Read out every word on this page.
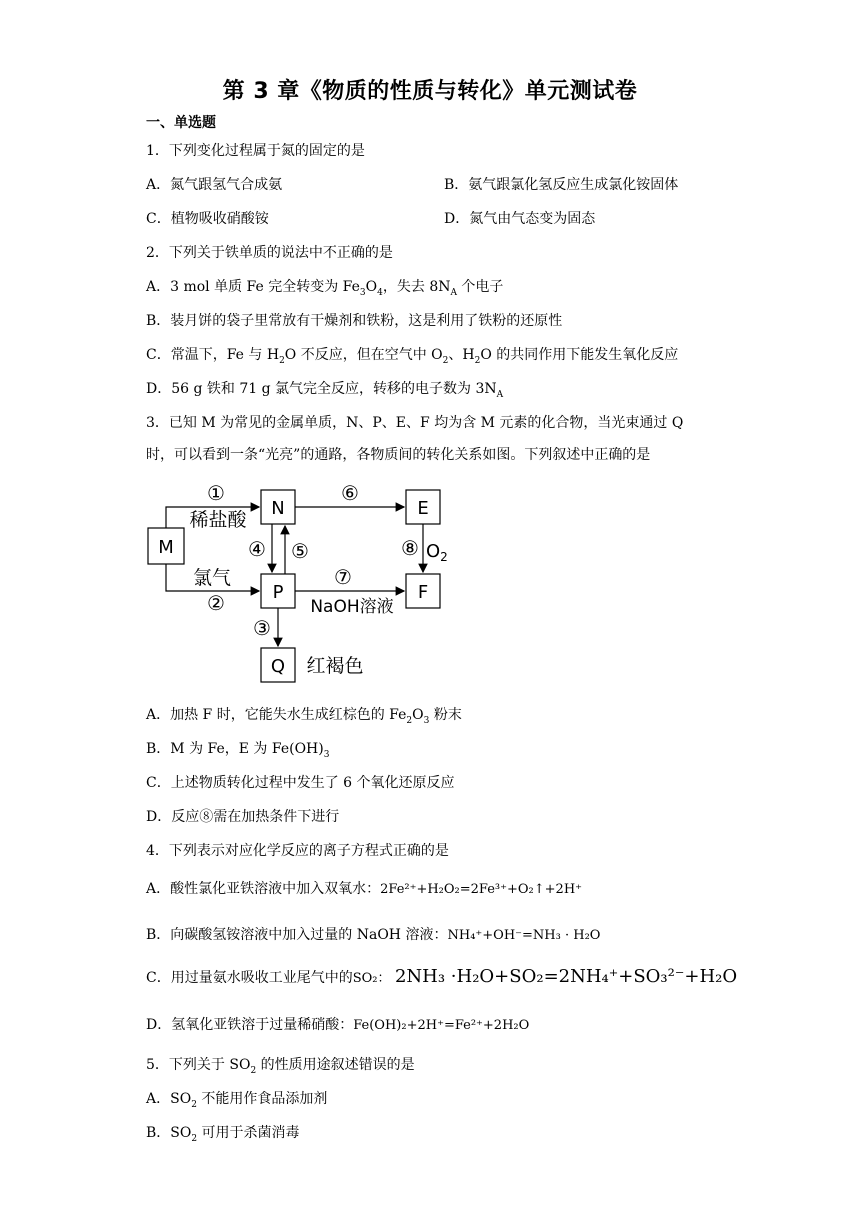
第 3 章《物质的性质与转化》单元测试卷
一、单选题
1．下列变化过程属于氮的固定的是
A．氮气跟氢气合成氨	B．氨气跟氯化氢反应生成氯化铵固体
C．植物吸收硝酸铵	D．氮气由气态变为固态
2．下列关于铁单质的说法中不正确的是
A．3 mol 单质 Fe 完全转变为 $Fe_3O_4$，失去 $8N_A$ 个电子
B．装月饼的袋子里常放有干燥剂和铁粉，这是利用了铁粉的还原性
C．常温下，Fe 与 $H_2O$ 不反应，但在空气中 $O_2$、$H_2O$ 的共同作用下能发生氧化反应
D．56 g 铁和 71 g 氯气完全反应，转移的电子数为 $3N_A$
3．已知 M 为常见的金属单质，N、P、E、F 均为含 M 元素的化合物，当光束通过 Q
时，可以看到一条“光亮”的通路，各物质间的转化关系如图。下列叙述中正确的是
M
N	E
P	F
Q
①
稀盐酸
氯气
②
⑥
④ ⑤	⑧ $O_2$
⑦
NaOH溶液
③
红褐色
A．加热 F 时，它能失水生成红棕色的 $Fe_2O_3$ 粉末
B．M 为 Fe，E 为 $Fe(OH)_3$
C．上述物质转化过程中发生了 6 个氧化还原反应
D．反应⑧需在加热条件下进行
4．下列表示对应化学反应的离子方程式正确的是
A．酸性氯化亚铁溶液中加入双氧水：2Fe²⁺+H₂O₂=2Fe³⁺+O₂↑+2H⁺
B．向碳酸氢铵溶液中加入过量的 NaOH 溶液：NH₄⁺+OH⁻=NH₃ · H₂O
C．用过量氨水吸收工业尾气中的SO₂： 2NH₃ ·H₂O+SO₂=2NH₄⁺+SO₃²⁻+H₂O
D．氢氧化亚铁溶于过量稀硝酸：Fe(OH)₂+2H⁺=Fe²⁺+2H₂O
5．下列关于 $SO_2$ 的性质用途叙述错误的是
A．$SO_2$ 不能用作食品添加剂
B．$SO_2$ 可用于杀菌消毒
